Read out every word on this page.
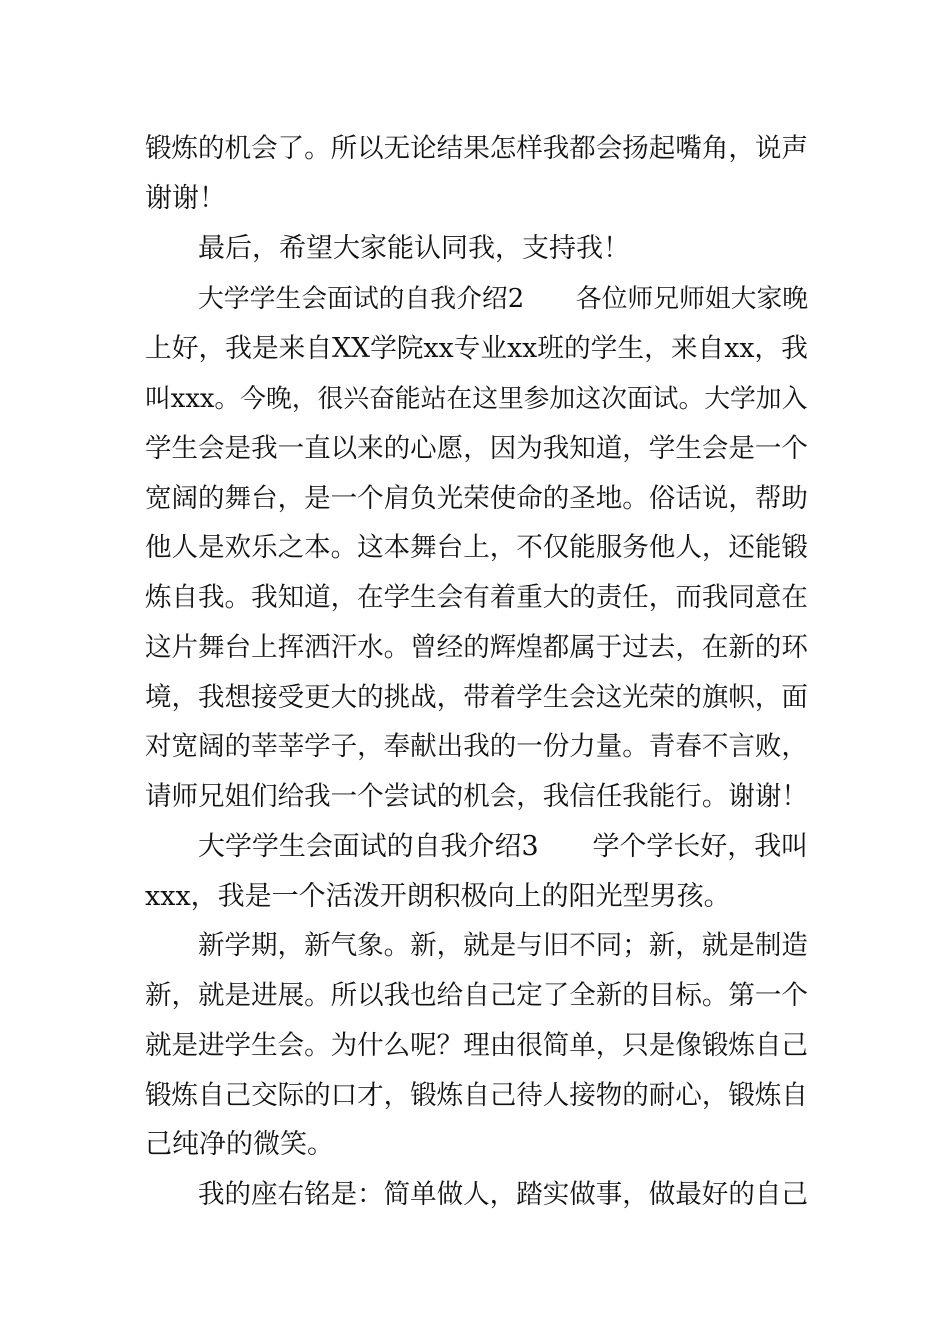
锻炼的机会了。所以无论结果怎样我都会扬起嘴角，说声
谢谢！
最后，希望大家能认同我，支持我！
大学学生会面试的自我介绍2　　各位师兄师姐大家晚
上好，我是来自XX学院xx专业xx班的学生，来自xx，我
叫xxx。今晚，很兴奋能站在这里参加这次面试。大学加入
学生会是我一直以来的心愿，因为我知道，学生会是一个
宽阔的舞台，是一个肩负光荣使命的圣地。俗话说，帮助
他人是欢乐之本。这本舞台上，不仅能服务他人，还能锻
炼自我。我知道，在学生会有着重大的责任，而我同意在
这片舞台上挥洒汗水。曾经的辉煌都属于过去，在新的环
境，我想接受更大的挑战，带着学生会这光荣的旗帜，面
对宽阔的莘莘学子，奉献出我的一份力量。青春不言败，
请师兄姐们给我一个尝试的机会，我信任我能行。谢谢！
大学学生会面试的自我介绍3　　学个学长好，我叫
xxx，我是一个活泼开朗积极向上的阳光型男孩。
新学期，新气象。新，就是与旧不同；新，就是制造
新，就是进展。所以我也给自己定了全新的目标。第一个
就是进学生会。为什么呢？理由很简单，只是像锻炼自己
锻炼自己交际的口才，锻炼自己待人接物的耐心，锻炼自
己纯净的微笑。
我的座右铭是：简单做人，踏实做事，做最好的自己
